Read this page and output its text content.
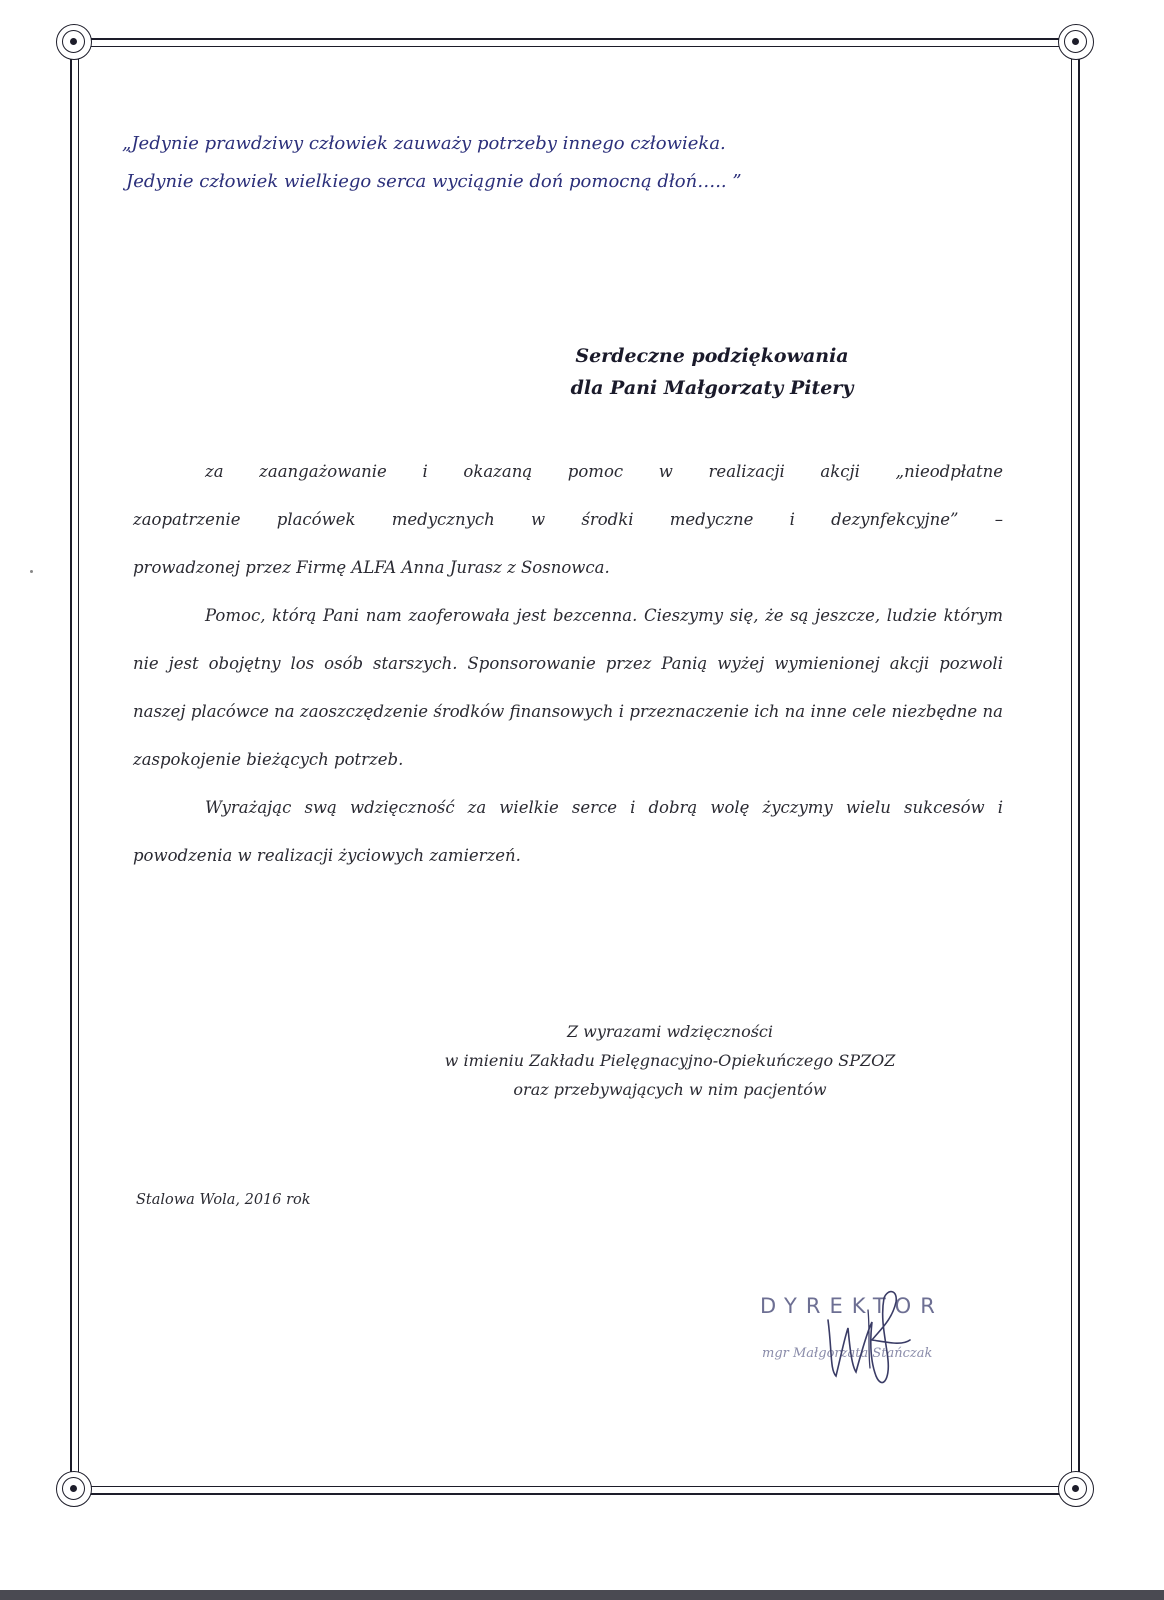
„Jedynie prawdziwy człowiek zauważy potrzeby innego człowieka.
Jedynie człowiek wielkiego serca wyciągnie doń pomocną dłoń….. ”
Serdeczne podziękowania
dla Pani Małgorzaty Pitery

za zaangażowanie i okazaną pomoc w realizacji akcji „nieodpłatne

zaopatrzenie placówek medycznych w środki medyczne i dezynfekcyjne” –

prowadzonej przez Firmę ALFA Anna Jurasz z Sosnowca.

Pomoc, którą Pani nam zaoferowała jest bezcenna. Cieszymy się, że są jeszcze, ludzie którym nie jest obojętny los osób starszych. Sponsorowanie przez Panią wyżej wymienionej akcji pozwoli naszej placówce na zaoszczędzenie środków finansowych i przeznaczenie ich na inne cele niezbędne na zaspokojenie bieżących potrzeb.

Wyrażając swą wdzięczność za wielkie serce i dobrą wolę życzymy wielu sukcesów i powodzenia w realizacji życiowych zamierzeń.

Z wyrazami wdzięczności
w imieniu Zakładu Pielęgnacyjno-Opiekuńczego SPZOZ
oraz przebywających w nim pacjentów
Stalowa Wola, 2016 rok
DYREKTOR
mgr Małgorzata Stańczak
